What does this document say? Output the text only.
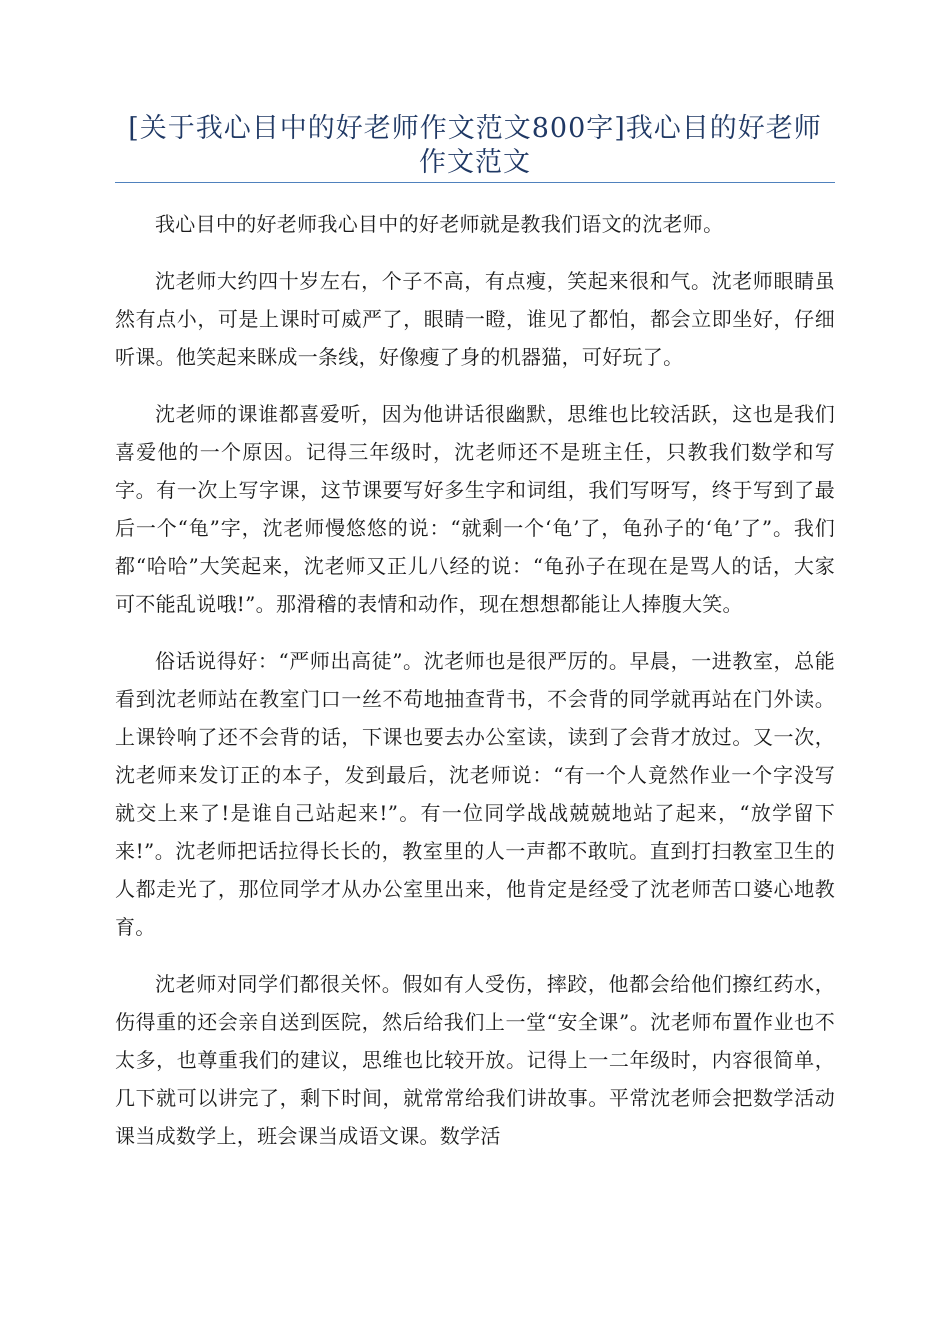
[关于我心目中的好老师作文范文800字]我心目的好老师作文范文

我心目中的好老师我心目中的好老师就是教我们语文的沈老师。

沈老师大约四十岁左右，个子不高，有点瘦，笑起来很和气。沈老师眼睛虽然有点小，可是上课时可威严了，眼睛一瞪，谁见了都怕，都会立即坐好，仔细听课。他笑起来眯成一条线，好像瘦了身的机器猫，可好玩了。

沈老师的课谁都喜爱听，因为他讲话很幽默，思维也比较活跃，这也是我们喜爱他的一个原因。记得三年级时，沈老师还不是班主任，只教我们数学和写字。有一次上写字课，这节课要写好多生字和词组，我们写呀写，终于写到了最后一个“龟”字，沈老师慢悠悠的说：“就剩一个‘龟’了，龟孙子的‘龟’了”。我们都“哈哈”大笑起来，沈老师又正儿八经的说：“龟孙子在现在是骂人的话，大家可不能乱说哦!”。那滑稽的表情和动作，现在想想都能让人捧腹大笑。

俗话说得好：“严师出高徒”。沈老师也是很严厉的。早晨，一进教室，总能看到沈老师站在教室门口一丝不苟地抽查背书，不会背的同学就再站在门外读。上课铃响了还不会背的话，下课也要去办公室读，读到了会背才放过。又一次，沈老师来发订正的本子，发到最后，沈老师说：“有一个人竟然作业一个字没写就交上来了!是谁自己站起来!”。有一位同学战战兢兢地站了起来，“放学留下来!”。沈老师把话拉得长长的，教室里的人一声都不敢吭。直到打扫教室卫生的人都走光了，那位同学才从办公室里出来，他肯定是经受了沈老师苦口婆心地教育。

沈老师对同学们都很关怀。假如有人受伤，摔跤，他都会给他们擦红药水，伤得重的还会亲自送到医院，然后给我们上一堂“安全课”。沈老师布置作业也不太多，也尊重我们的建议，思维也比较开放。记得上一二年级时，内容很简单，几下就可以讲完了，剩下时间，就常常给我们讲故事。平常沈老师会把数学活动课当成数学上，班会课当成语文课。数学活
